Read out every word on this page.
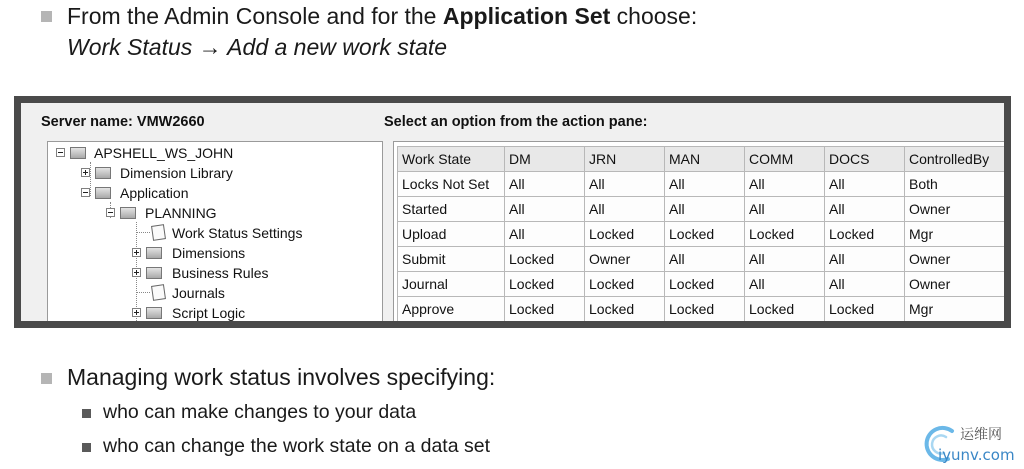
From the Admin Console and for the Application Set choose:
Work Status → Add a new work state
Server name: VMW2660	Select an option from the action pane:
APSHELL_WS_JOHN
Dimension Library
Application
PLANNING
Work Status Settings
Dimensions
Business Rules
Journals
Script Logic
Work State	DM	JRN	MAN	COMM	DOCS	ControlledBy
Locks Not Set	All	All	All	All	All	Both
Started	All	All	All	All	All	Owner
Upload	All	Locked	Locked	Locked	Locked	Mgr
Submit	Locked	Owner	All	All	All	Owner
Journal	Locked	Locked	Locked	All	All	Owner
Approve	Locked	Locked	Locked	Locked	Locked	Mgr
Managing work status involves specifying:
who can make changes to your data
who can change the work state on a data set	运维网
iyunv.com
